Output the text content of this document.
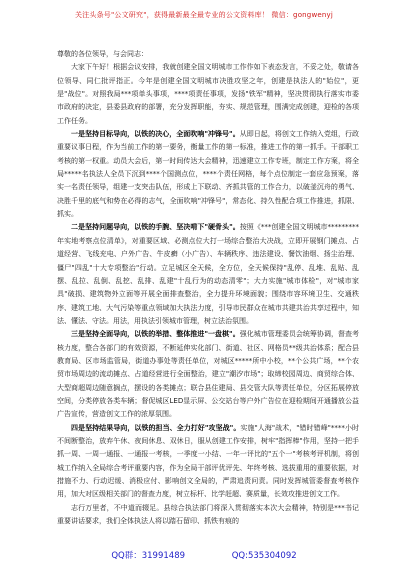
关注头条号"公文研究"，获得最新最全最专业的公文资料库！ 微信：gongwenyj

尊敬的各位领导，与会同志：

大家下午好！根据会议安排，我就创建全国文明城市工作作如下表态发言，不妥之处，敬请各位领导、同仁批评指正。今年是创建全国文明城市决胜攻坚之年，创建是执法人的"始位"，更是"战位"。对照我局***项单头事项，****项责任事项，发扬"铁军"精神，坚决贯彻执行落实市委市政府的决定，县委县政府的部署，充分发挥职能，夯实、规范管理，围满完成创建，迎检的各项工作任务。

一是坚持目标导向，以铁的决心，全面吹响"冲锋号"。从即日起，将创文工作纳入党组，行政重要议事日程，作为当前工作的第一要务，衡量工作的第一标准，推进工作的第一抓手。干部职工考核的第一权重。动员大会后，第一时间传达大会精神，迅速建立工作专班，制定工作方案，将全局*****名执法人全员下沉到****个国测点位，****个责任网格，每个点位制定一套应急预案，落实一名责任领导，组建一支突击队伍，形成上下联动、齐抓共管的工作合力，以破釜沉舟的勇气、决胜千里的底气和势在必得的志气，全面吹响"冲锋号"，常态化、持久性配合项工作推进，抓限、抓实。

二是坚持问题导向，以铁的手腕、坚决啃下"硬骨头"。按照《***创建全国文明城市*********年实地考察点位清单》，对重要区域、必测点位大打一场综合整治大决战，立即开展钢门摊点、占道经营、飞线充电、户外广告、牛皮癣（小广告）、车辆秩序、违法建设、餐饮油烟、扬尘治理、僵尸"四乱"十大专项整治"行动。立足城区全天候，全方位，全天候保持"乱停、乱堆、乱贴、乱摆、乱拉、乱倒、乱挖、乱排、乱建"十乱行为的动态清零"；大力实施"城市体检"，对"城市家具"破损、建筑物外立面等开展全面排查整治，全力提升环境面貌；围绕市容环境卫生、交通秩序、建筑工地、大气污染等重点领域加大执法力度，引导市民群众在城市共建共治共享过程中，知法、懂法、守法。用法，用执法引领城市管理，树立法治氛围。

三是坚持全面导向，以铁的举措、整体推进"一盘棋"。强化城市管理委员会统筹协调，督查考核力度，整合各部门的有效资源，不断延伸实化部门、街道、社区、网格员**级共治体系；配合县教育局、区市场监管局，街道办事处等责任单位，对城区*****所中小校，**个公共广场，**个农贸市场周边的流动摊点、占道经营进行全面整治，建立"潮汐市场"；取缔校园周边、商贸综合体、大型商超周边随意搁点，摆设的各类摊点；联合县住建局、县交管大队等责任单位，分区拓展停放空间，分类停放各类车辆；督促城区LED显示屏、公交站台等户外广告位在迎检期间开通播放公益广告宣传，营造创文工作的浓厚氛围。

四是坚持结果导向，以铁的担当、全力打好"攻坚战"。实施"人海"战术，"错时错峰"****小时不间断整治，放弃午休、夜间休息、双休日，服从创建工作安排，树牢"指挥棒"作用，坚持一把手抓一周、一周一通报、一通报一考核，一季度一小结、一年一评比的"五个一"考核考评机制，将创城工作纳入全局综合考评重要内容，作为全局干部评优评先、年终考核、选拔重用的重要依据，对措施不力、行动迟缓、消极应付、影响创文全局的，严肃追责问责。同时发挥城管委督查考核作用，加大对区级相关部门的督查力度，树立标杆、比学赶超、赛质量，长效攻推进创文工作。

志行万里者，不中道而辍足。县综合执法部门将深入贯彻落实本次大会精神，特别是***书记重要讲话要求，我们全体执法人将以踏石留印、抓铁有痕的

QQ群：31991489	QQ:535304092
